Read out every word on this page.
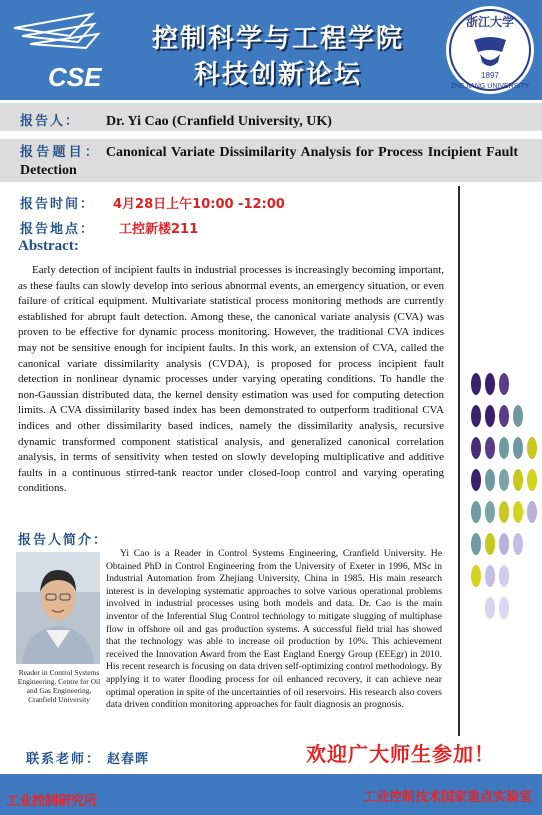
CSE
控制科学与工程学院
科技创新论坛
浙江大学
1897
ZHEJIANG UNIVERSITY
报告人： Dr. Yi Cao (Cranfield University, UK)
报告题目： Canonical Variate Dissimilarity Analysis for Process Incipient Fault Detection
报告时间： 4月28日上午10:00 -12:00
报告地点： 工控新楼211
Abstract:
Early detection of incipient faults in industrial processes is increasingly becoming important, as these faults can slowly develop into serious abnormal events, an emergency situation, or even failure of critical equipment. Multivariate statistical process monitoring methods are currently established for abrupt fault detection. Among these, the canonical variate analysis (CVA) was proven to be effective for dynamic process monitoring. However, the traditional CVA indices may not be sensitive enough for incipient faults. In this work, an extension of CVA, called the canonical variate dissimilarity analysis (CVDA), is proposed for process incipient fault detection in nonlinear dynamic processes under varying operating conditions. To handle the non-Gaussian distributed data, the kernel density estimation was used for computing detection limits. A CVA dissimilarity based index has been demonstrated to outperform traditional CVA indices and other dissimilarity based indices, namely the dissimilarity analysis, recursive dynamic transformed component statistical analysis, and generalized canonical correlation analysis, in terms of sensitivity when tested on slowly developing multiplicative and additive faults in a continuous stirred-tank reactor under closed-loop control and varying operating conditions.
报告人简介：
Reader in Control Systems Engineering, Centre for Oil and Gas Engineering, Cranfield University
Yi Cao is a Reader in Control Systems Engineering, Cranfield University. He Obtained PhD in Control Engineering from the University of Exeter in 1996, MSc in Industrial Automation from Zhejiang University, China in 1985. His main research interest is in developing systematic approaches to solve various operational problems involved in industrial processes using both models and data. Dr. Cao is the main inventor of the Inferential Slug Control technology to mitigate slugging of multiphase flow in offshore oil and gas production systems. A successful field trial has showed that the technology was able to increase oil production by 10%. This achievement received the Innovation Award from the East England Energy Group (EEEgr) in 2010. His recent research is focusing on data driven self-optimizing control methodology. By applying it to water flooding process for oil enhanced recovery, it can achieve near optimal operation in spite of the uncertainties of oil reservoirs. His research also covers data driven condition monitoring approaches for fault diagnosis an prognosis.
联系老师： 赵春晖	欢迎广大师生参加！
工业控制研究所	工业控制技术国家重点实验室
